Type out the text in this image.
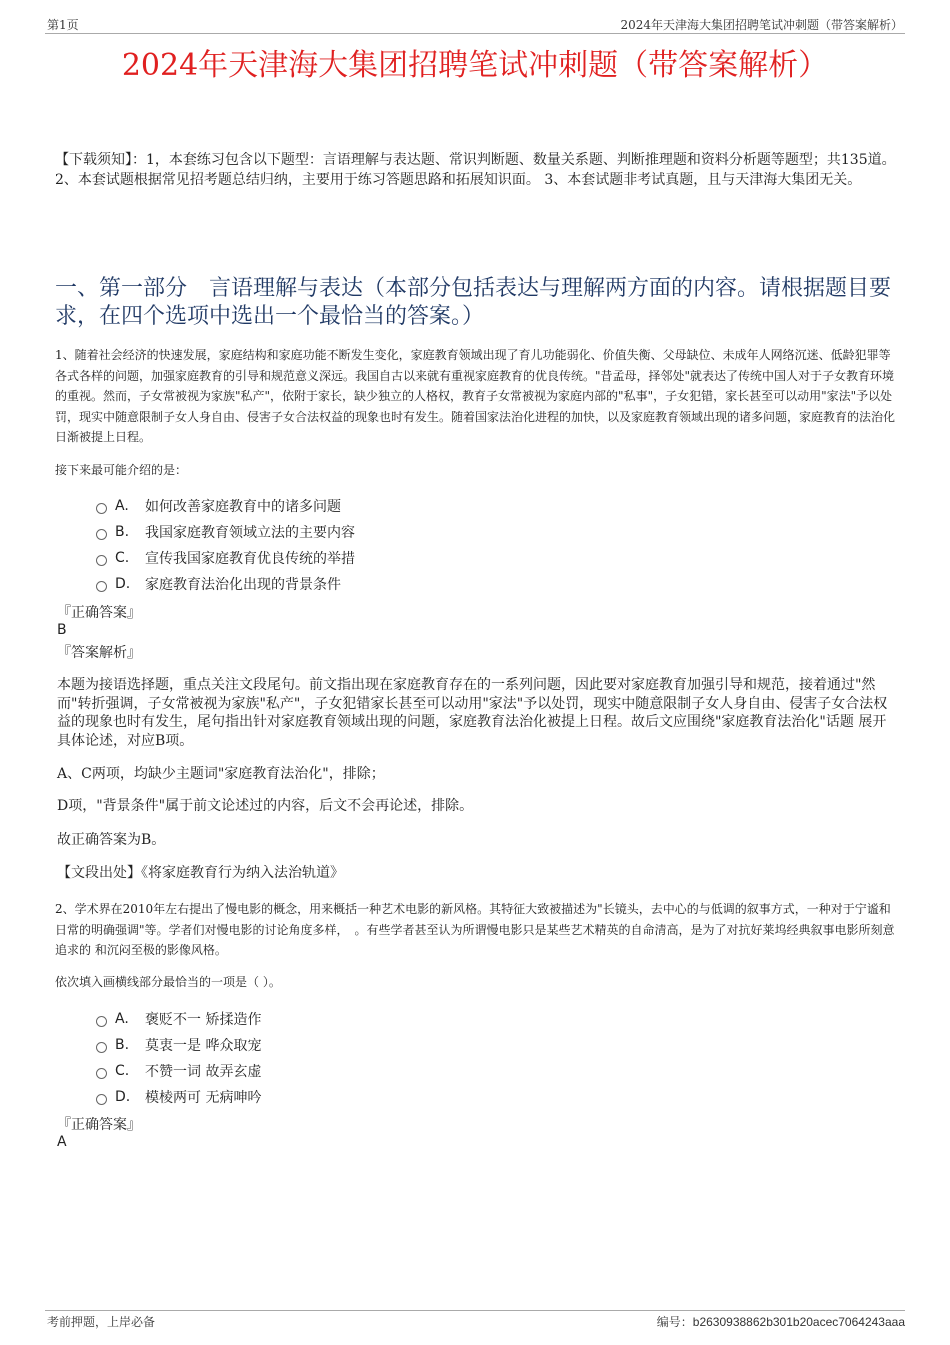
第1页	2024年天津海大集团招聘笔试冲刺题（带答案解析）
2024年天津海大集团招聘笔试冲刺题（带答案解析）
【下载须知】：1，本套练习包含以下题型：言语理解与表达题、常识判断题、数量关系题、判断推理题和资料分析题等题型；共135道。 2、本套试题根据常见招考题总结归纳，主要用于练习答题思路和拓展知识面。 3、本套试题非考试真题，且与天津海大集团无关。
一、第一部分　言语理解与表达（本部分包括表达与理解两方面的内容。请根据题目要求，在四个选项中选出一个最恰当的答案。）
1、随着社会经济的快速发展，家庭结构和家庭功能不断发生变化，家庭教育领域出现了育儿功能弱化、价值失衡、父母缺位、未成年人网络沉迷、低龄犯罪等各式各样的问题，加强家庭教育的引导和规范意义深远。我国自古以来就有重视家庭教育的优良传统。"昔孟母，择邻处"就表达了传统中国人对于子女教育环境的重视。然而，子女常被视为家族"私产"，依附于家长，缺少独立的人格权，教育子女常被视为家庭内部的"私事"，子女犯错，家长甚至可以动用"家法"予以处罚，现实中随意限制子女人身自由、侵害子女合法权益的现象也时有发生。随着国家法治化进程的加快，以及家庭教育领域出现的诸多问题，家庭教育的法治化日渐被提上日程。
接下来最可能介绍的是：
A.	如何改善家庭教育中的诸多问题
B.	我国家庭教育领域立法的主要内容
C.	宣传我国家庭教育优良传统的举措
D.	家庭教育法治化出现的背景条件
『正确答案』
B
『答案解析』
本题为接语选择题，重点关注文段尾句。前文指出现在家庭教育存在的一系列问题，因此要对家庭教育加强引导和规范，接着通过"然而"转折强调，子女常被视为家族"私产"，子女犯错家长甚至可以动用"家法"予以处罚，现实中随意限制子女人身自由、侵害子女合法权益的现象也时有发生，尾句指出针对家庭教育领域出现的问题，家庭教育法治化被提上日程。故后文应围绕"家庭教育法治化"话题 展开 具体论述，对应B项。
A、C两项，均缺少主题词"家庭教育法治化"，排除；
D项，"背景条件"属于前文论述过的内容，后文不会再论述，排除。
故正确答案为B。
【文段出处】《将家庭教育行为纳入法治轨道》
2、学术界在2010年左右提出了慢电影的概念，用来概括一种艺术电影的新风格。其特征大致被描述为"长镜头，去中心的与低调的叙事方式，一种对于宁谧和日常的明确强调"等。学者们对慢电影的讨论角度多样，　。有些学者甚至认为所谓慢电影只是某些艺术精英的自命清高，是为了对抗好莱坞经典叙事电影所刻意追求的 和沉闷至极的影像风格。
依次填入画横线部分最恰当的一项是（ ）。
A.	褒贬不一 矫揉造作
B.	莫衷一是 哗众取宠
C.	不赞一词 故弄玄虚
D.	模棱两可 无病呻吟
『正确答案』
A
考前押题，上岸必备	编号：b2630938862b301b20acec7064243aaa
